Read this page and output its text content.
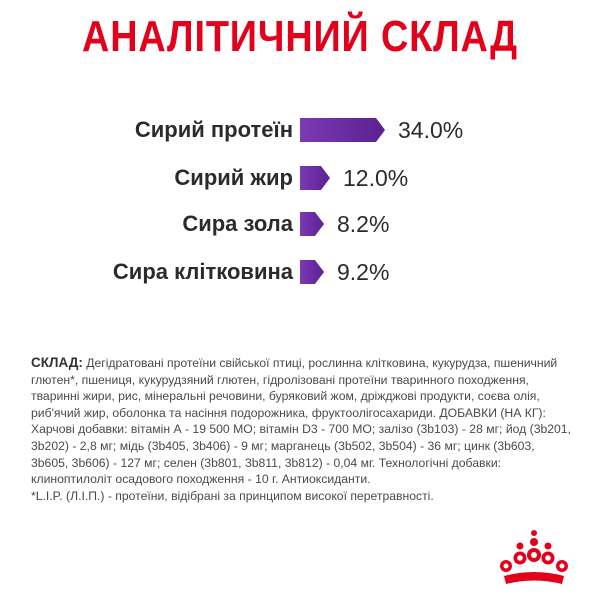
АНАЛІТИЧНИЙ СКЛАД
Сирий протеїн	34.0%
Сирий жир 12.0%
Сира зола 8.2%
Сира клітковина 9.2%
СКЛАД: Дегідратовані протеїни свійської птиці, рослинна клітковина, кукурудза, пшеничний глютен*, пшениця, кукурудзяний глютен, гідролізовані протеїни тваринного походження, тваринні жири, рис, мінеральні речовини, буряковий жом, дріжджові продукти, соєва олія, риб'ячий жир, оболонка та насіння подорожника, фруктоолігосахариди. ДОБАВКИ (НА КГ): Харчові добавки: вітамін А - 19 500 МО; вітамін D3 - 700 МО; залізо (3b103) - 28 мг; йод (3b201, 3b202) - 2,8 мг; мідь (3b405, 3b406) - 9 мг; марганець (3b502, 3b504) - 36 мг; цинк (3b603, 3b605, 3b606) - 127 мг; селен (3b801, 3b811, 3b812) - 0,04 мг. Технологічні добавки: клиноптилоліт осадового походження - 10 г. Антиоксиданти.
*L.I.P. (Л.І.П.) - протеїни, відібрані за принципом високої перетравності.
